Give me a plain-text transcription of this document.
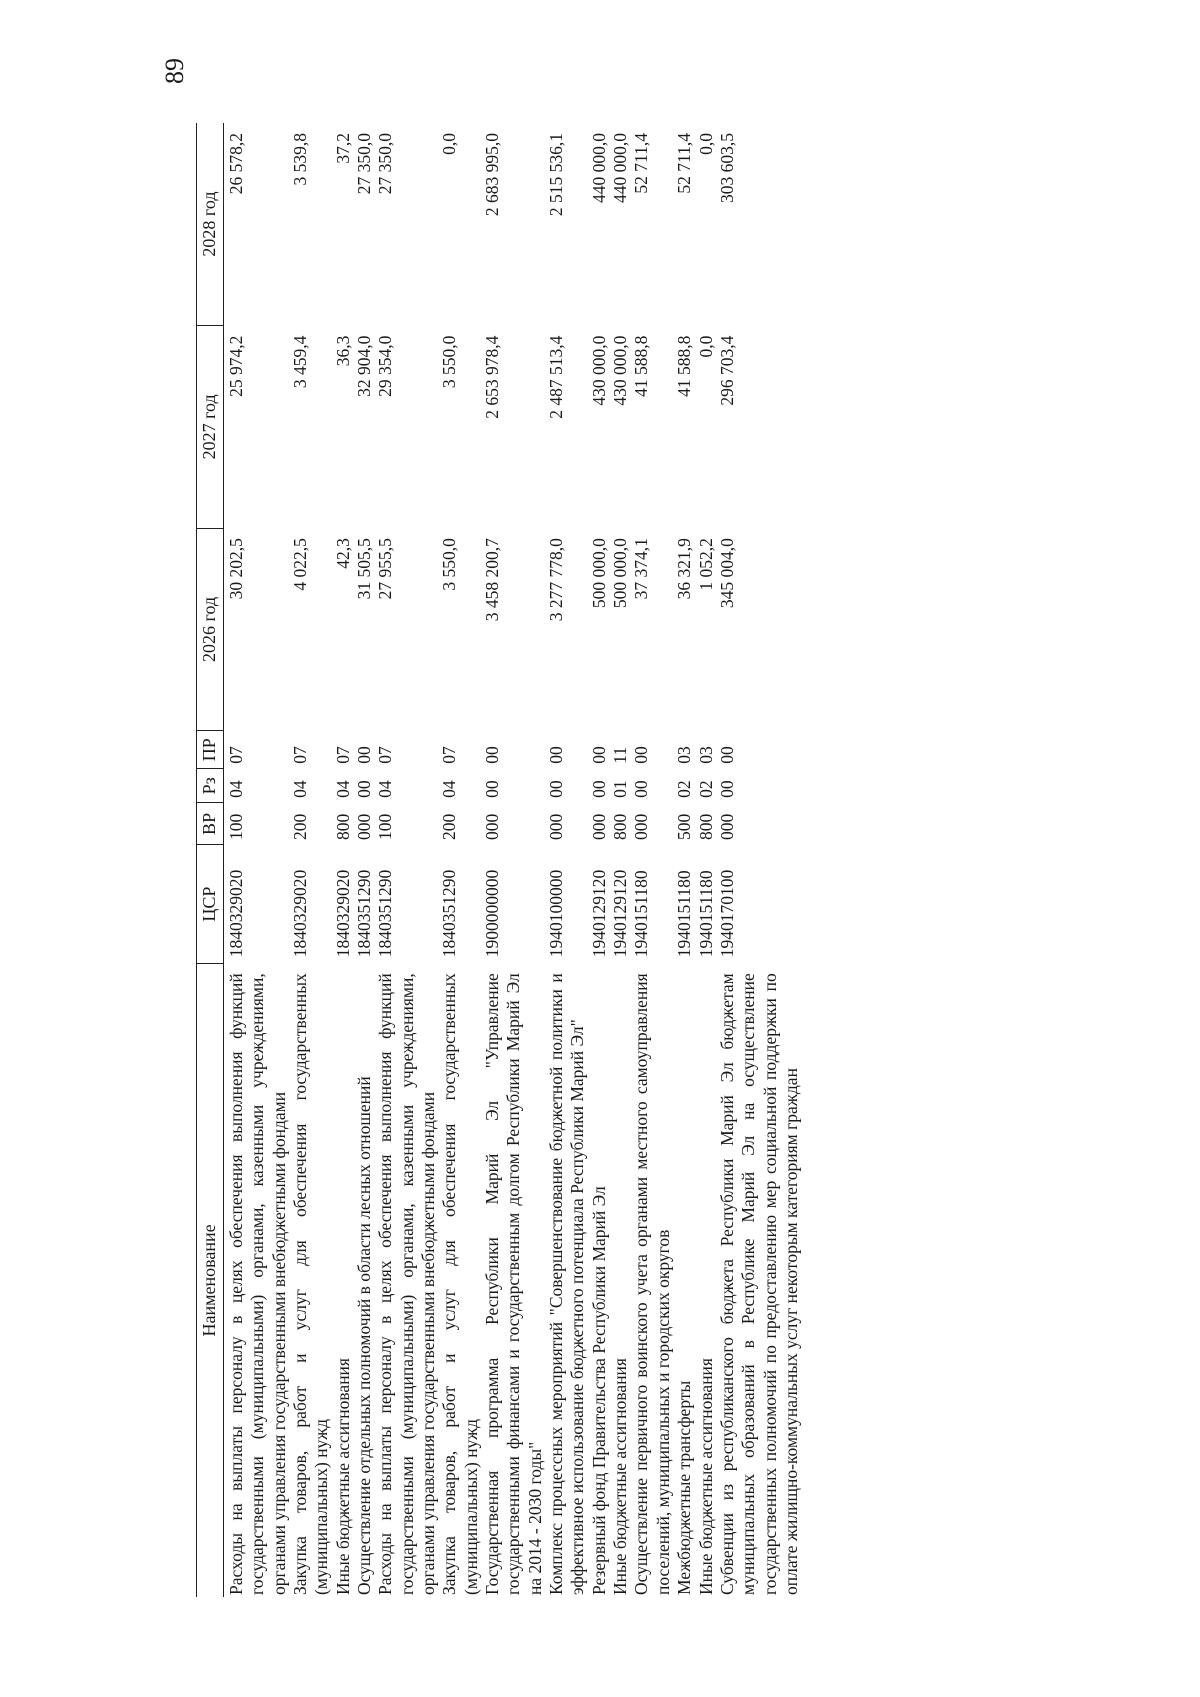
89
Наименование	ЦСР	ВР	Рз	ПР	2026 год	2027 год	2028 год
Расходы на выплаты персоналу в целях обеспечения выполнения функций государственными (муниципальными) органами, казенными учреждениями, органами управления государственными внебюджетными фондами	1840329020	100	04	07	30 202,5	25 974,2	26 578,2
Закупка товаров, работ и услуг для обеспечения государственных (муниципальных) нужд	1840329020	200	04	07	4 022,5	3 459,4	3 539,8
Иные бюджетные ассигнования	1840329020	800	04	07	42,3	36,3	37,2
Осуществление отдельных полномочий в области лесных отношений	1840351290	000	00	00	31 505,5	32 904,0	27 350,0
Расходы на выплаты персоналу в целях обеспечения выполнения функций государственными (муниципальными) органами, казенными учреждениями, органами управления государственными внебюджетными фондами	1840351290	100	04	07	27 955,5	29 354,0	27 350,0
Закупка товаров, работ и услуг для обеспечения государственных (муниципальных) нужд	1840351290	200	04	07	3 550,0	3 550,0	0,0
Государственная программа Республики Марий Эл "Управление государственными финансами и государственным долгом Республики Марий Эл на 2014 - 2030 годы"	1900000000	000	00	00	3 458 200,7	2 653 978,4	2 683 995,0
Комплекс процессных мероприятий "Совершенствование бюджетной политики и эффективное использование бюджетного потенциала Республики Марий Эл"	1940100000	000	00	00	3 277 778,0	2 487 513,4	2 515 536,1
Резервный фонд Правительства Республики Марий Эл	1940129120	000	00	00	500 000,0	430 000,0	440 000,0
Иные бюджетные ассигнования	1940129120	800	01	11	500 000,0	430 000,0	440 000,0
Осуществление первичного воинского учета органами местного самоуправления поселений, муниципальных и городских округов	1940151180	000	00	00	37 374,1	41 588,8	52 711,4
Межбюджетные трансферты	1940151180	500	02	03	36 321,9	41 588,8	52 711,4
Иные бюджетные ассигнования	1940151180	800	02	03	1 052,2	0,0	0,0
Субвенции из республиканского бюджета Республики Марий Эл бюджетам муниципальных образований в Республике Марий Эл на осуществление государственных полномочий по предоставлению мер социальной поддержки по оплате жилищно-коммунальных услуг некоторым категориям граждан	1940170100	000	00	00	345 004,0	296 703,4	303 603,5
